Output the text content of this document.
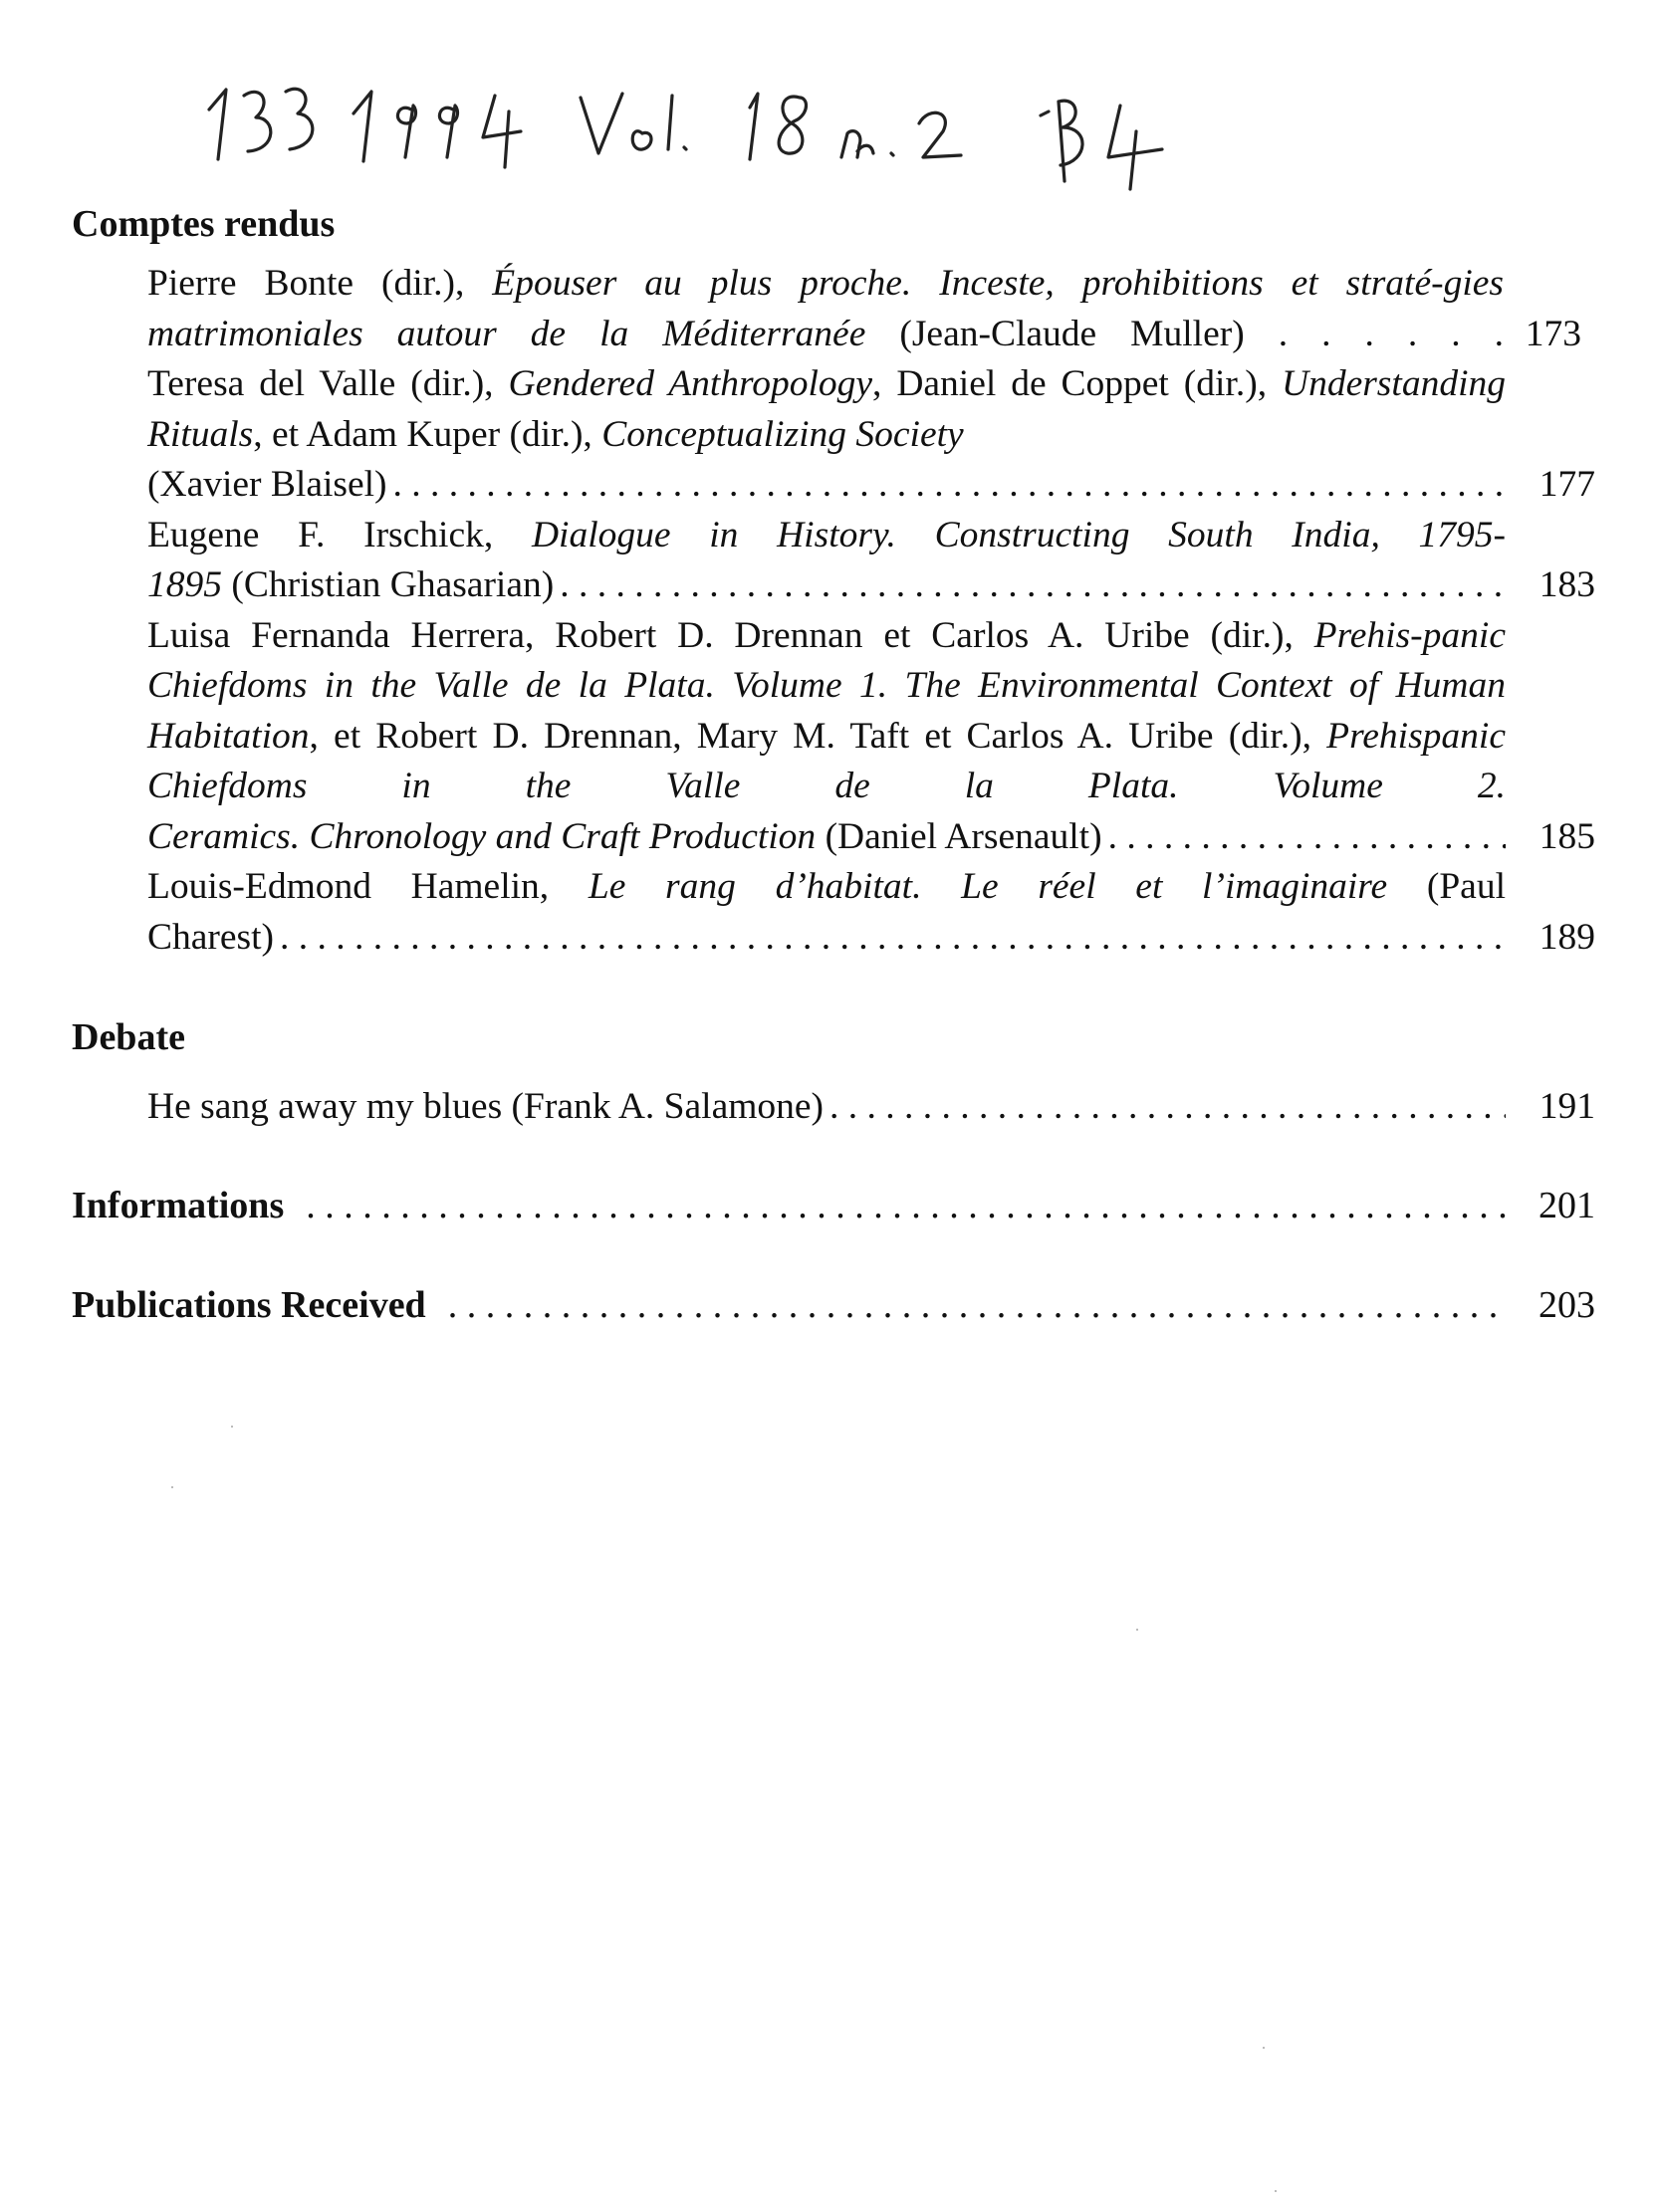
Comptes rendus
Pierre Bonte (dir.), Épouser au plus proche. Inceste, prohibitions et straté-gies matrimoniales autour de la Méditerranée (Jean-Claude Muller) . . . . . . 173
Teresa del Valle (dir.), Gendered Anthropology, Daniel de Coppet (dir.), Understanding Rituals, et Adam Kuper (dir.), Conceptualizing Society
(Xavier Blaisel) . . .	177
Eugene F. Irschick, Dialogue in History. Constructing South India, 1795-
1895 (Christian Ghasarian) . . .	183
Luisa Fernanda Herrera, Robert D. Drennan et Carlos A. Uribe (dir.), Prehis-panic Chiefdoms in the Valle de la Plata. Volume 1. The Environmental Context of Human Habitation, et Robert D. Drennan, Mary M. Taft et Carlos A. Uribe (dir.), Prehispanic Chiefdoms in the Valle de la Plata. Volume 2.
Ceramics. Chronology and Craft Production (Daniel Arsenault) . . .	185
Louis-Edmond Hamelin, Le rang d’habitat. Le réel et l’imaginaire (Paul
Charest) . . .	189
Debate
He sang away my blues (Frank A. Salamone) . . .	191
Informations . . .	201
Publications Received . . .	203
